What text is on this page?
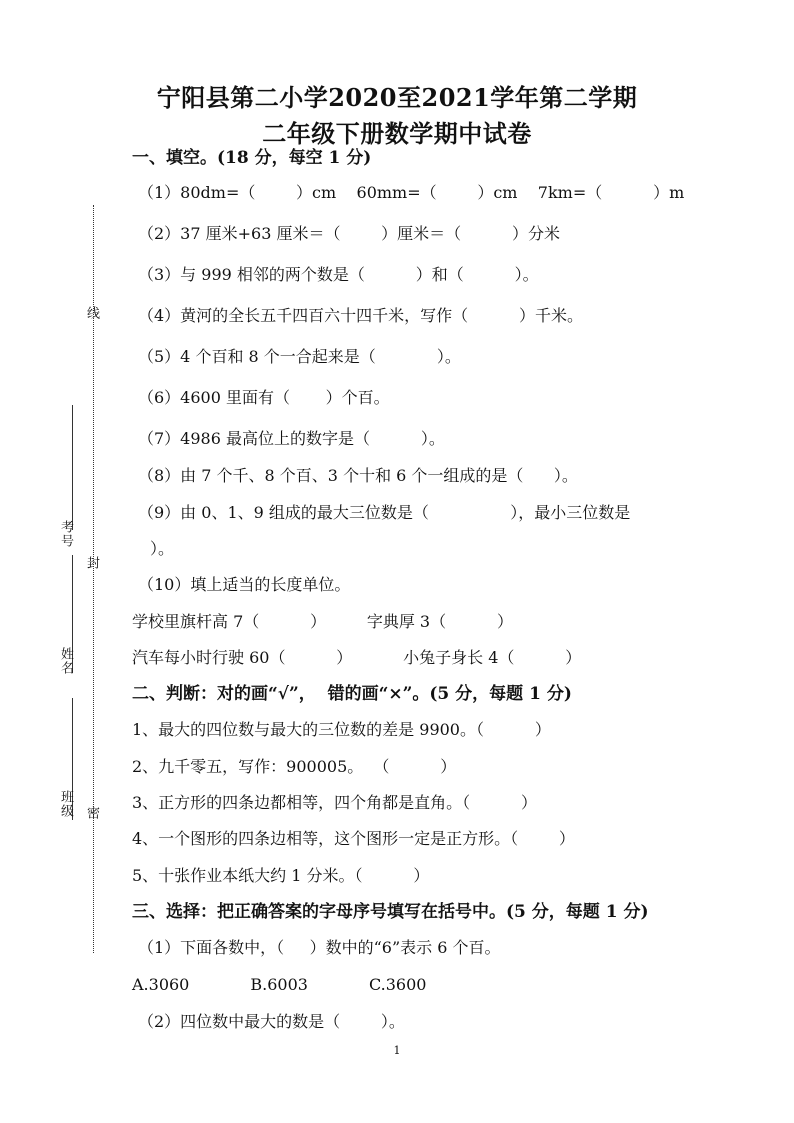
宁阳县第二小学2020至2021学年第二学期
二年级下册数学期中试卷
线
封
密
考号
姓名
班级
一、填空。(18 分，每空 1 分)
（1）80dm=（        ）cm    60mm=（        ）cm    7km=（          ）m
（2）37 厘米+63 厘米＝（        ）厘米＝（          ）分米
（3）与 999 相邻的两个数是（          ）和（          ）。
（4）黄河的全长五千四百六十四千米，写作（          ）千米。
（5）4 个百和 8 个一合起来是（            ）。
（6）4600 里面有（       ）个百。
（7）4986 最高位上的数字是（          ）。
（8）由 7 个千、8 个百、3 个十和 6 个一组成的是（      ）。
（9）由 0、1、9 组成的最大三位数是（                ），最小三位数是
）。
（10）填上适当的长度单位。
学校里旗杆高 7（          ）        字典厚 3（          ）
汽车每小时行驶 60（          ）          小兔子身长 4（          ）
二、判断：对的画“√”，  错的画“×”。(5 分，每题 1 分)
1、最大的四位数与最大的三位数的差是 9900。（          ）
2、九千零五，写作：900005。  （          ）
3、正方形的四条边都相等，四个角都是直角。（          ）
4、一个图形的四条边相等，这个图形一定是正方形。（        ）
5、十张作业本纸大约 1 分米。（          ）
三、选择：把正确答案的字母序号填写在括号中。(5 分，每题 1 分)
（1）下面各数中，（     ）数中的“6”表示 6 个百。
A.3060            B.6003            C.3600
（2）四位数中最大的数是（        ）。
1
